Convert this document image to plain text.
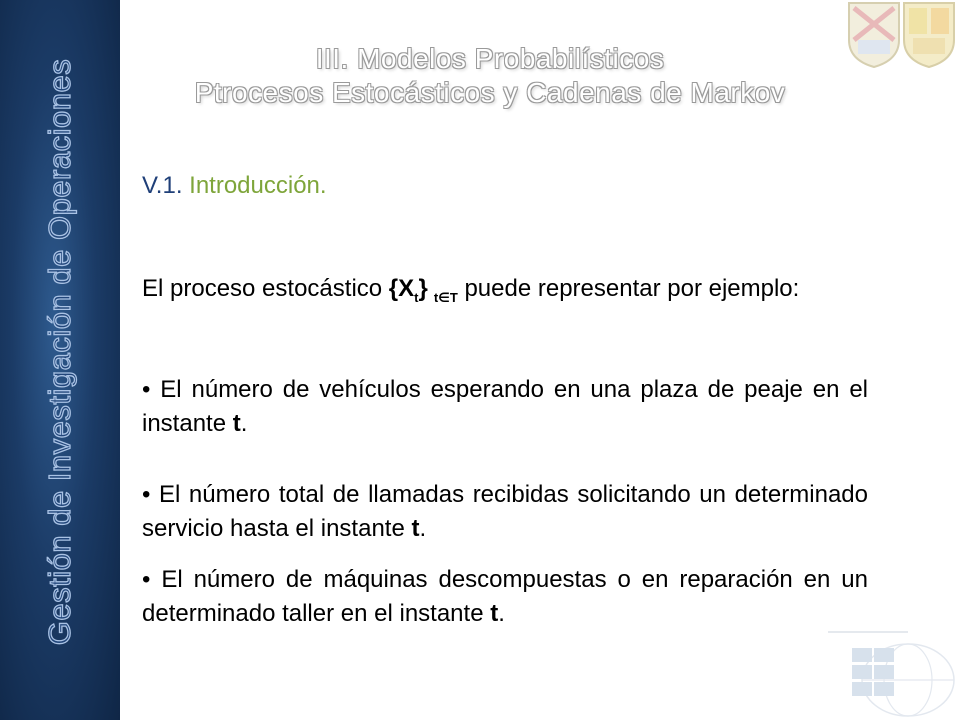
Gestión de Investigación de Operaciones
III. Modelos Probabilísticos
Ptrocesos Estocásticos y Cadenas de Markov
V.1. Introducción.
El proceso estocástico $\{X_t\}$ $_{t\in T}$ puede representar por ejemplo:
• El número de vehículos esperando en una plaza de peaje en el instante t.
• El número total de llamadas recibidas solicitando un determinado servicio hasta el instante t.
• El número de máquinas descompuestas o en reparación en un determinado taller en el instante t.
